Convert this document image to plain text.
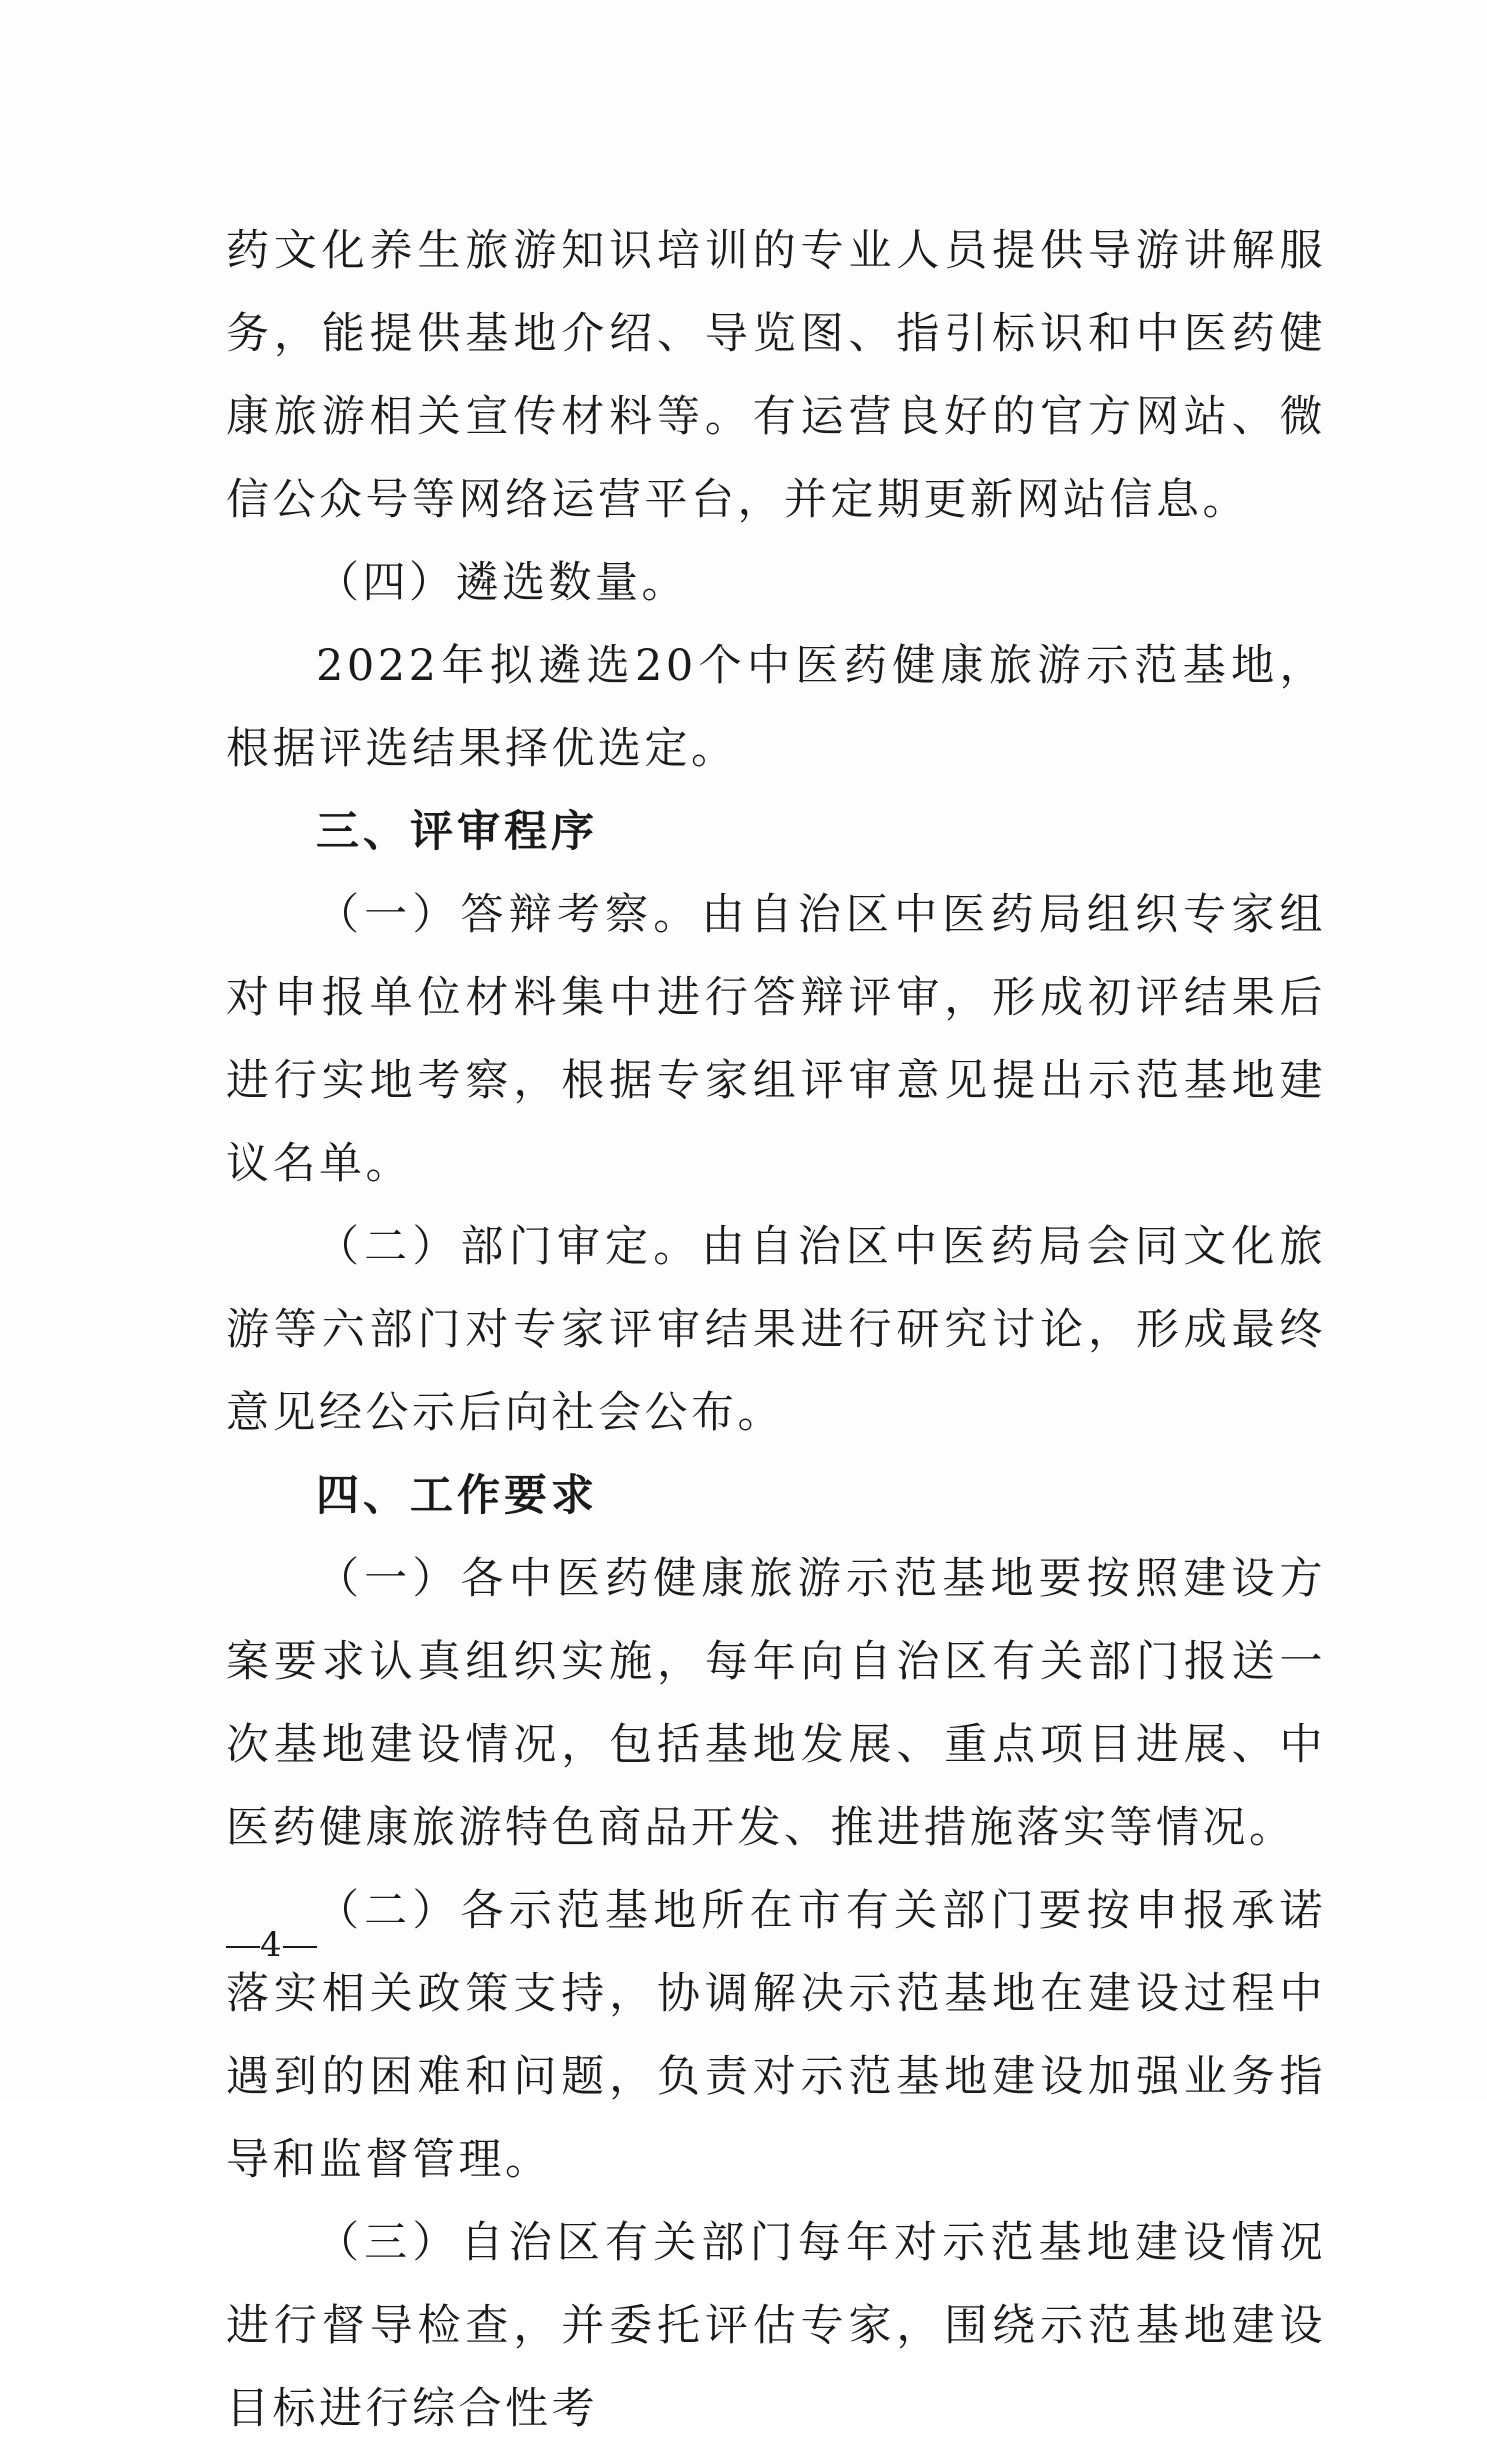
药文化养生旅游知识培训的专业人员提供导游讲解服务，能提供基地介绍、导览图、指引标识和中医药健康旅游相关宣传材料等。有运营良好的官方网站、微信公众号等网络运营平台，并定期更新网站信息。

（四）遴选数量。

2022年拟遴选20个中医药健康旅游示范基地，根据评选结果择优选定。

三、评审程序

（一）答辩考察。由自治区中医药局组织专家组对申报单位材料集中进行答辩评审，形成初评结果后进行实地考察，根据专家组评审意见提出示范基地建议名单。

（二）部门审定。由自治区中医药局会同文化旅游等六部门对专家评审结果进行研究讨论，形成最终意见经公示后向社会公布。

四、工作要求

（一）各中医药健康旅游示范基地要按照建设方案要求认真组织实施，每年向自治区有关部门报送一次基地建设情况，包括基地发展、重点项目进展、中医药健康旅游特色商品开发、推进措施落实等情况。

（二）各示范基地所在市有关部门要按申报承诺落实相关政策支持，协调解决示范基地在建设过程中遇到的困难和问题，负责对示范基地建设加强业务指导和监督管理。

（三）自治区有关部门每年对示范基地建设情况进行督导检查，并委托评估专家，围绕示范基地建设目标进行综合性考

4
